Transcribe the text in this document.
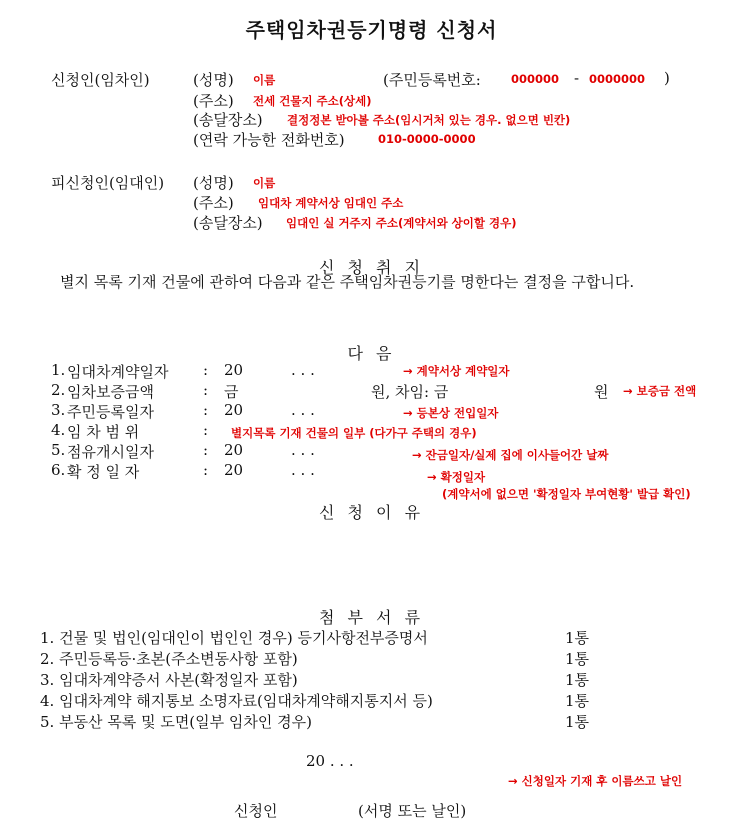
주택임차권등기명령 신청서
신청인(임차인)	(성명) 이름	(주민등록번호:	000000 - 0000000 )
(주소) 전세 건물지 주소(상세)
(송달장소) 결정정본 받아볼 주소(임시거처 있는 경우. 없으면 빈칸)
(연락 가능한 전화번호)	010-0000-0000
피신청인(임대인) (성명) 이름
(주소) 임대차 계약서상 임대인 주소
(송달장소) 임대인 실 거주지 주소(계약서와 상이할 경우)
신 청 취 지
별지 목록 기재 건물에 관하여 다음과 같은 주택임차권등기를 명한다는 결정을 구합니다.
다 음
1. 임대차계약일자 : 20	. . .	→ 계약서상 계약일자
2. 임차보증금액	: 금	원, 차임: 금	원 → 보증금 전액
3. 주민등록일자	: 20	. . .	→ 등본상 전입일자
4. 임 차 범 위	: 별지목록 기재 건물의 일부 (다가구 주택의 경우)
5. 점유개시일자	: 20	. . .	→ 잔금일자/실제 집에 이사들어간 날짜
6. 확 정 일 자	: 20	. . .	→ 확정일자
(계약서에 없으면 '확정일자 부여현황' 발급 확인)
신 청 이 유
첨 부 서 류
1. 건물 및 법인(임대인이 법인인 경우) 등기사항전부증명서	1통
2. 주민등록등·초본(주소변동사항 포함)	1통
3. 임대차계약증서 사본(확정일자 포함)	1통
4. 임대차계약 해지통보 소명자료(임대차계약해지통지서 등)	1통
5. 부동산 목록 및 도면(일부 임차인 경우)	1통
20 . . .
→ 신청일자 기재 후 이름쓰고 날인
신청인	(서명 또는 날인)
